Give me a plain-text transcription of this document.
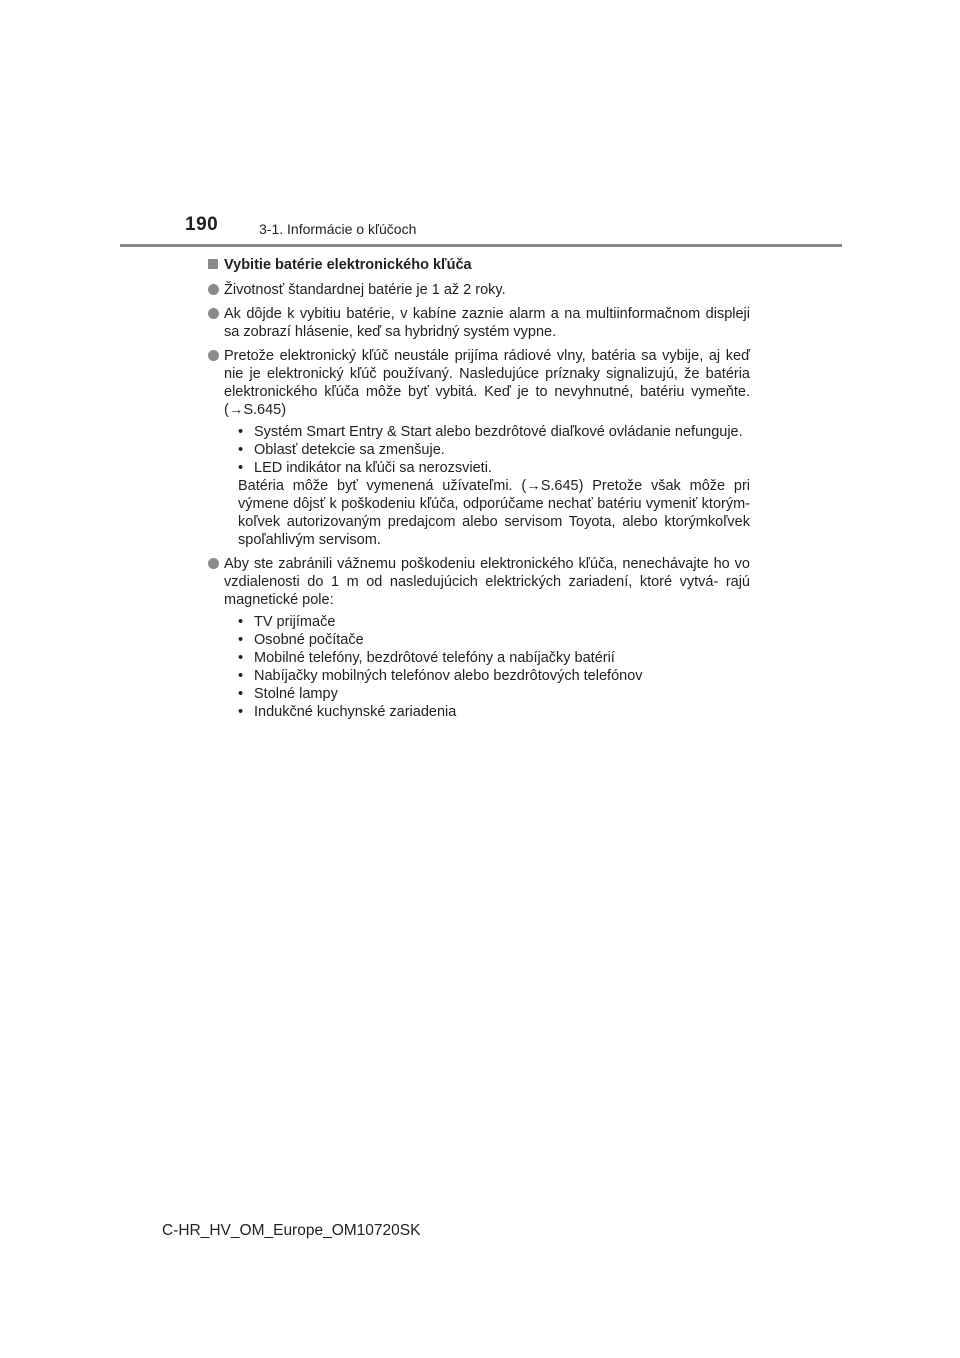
190	3-1. Informácie o kľúčoch
Vybitie batérie elektronického kľúča
Životnosť štandardnej batérie je 1 až 2 roky.
Ak dôjde k vybitiu batérie, v kabíne zaznie alarm a na multiinformačnom displeji sa zobrazí hlásenie, keď sa hybridný systém vypne.
Pretože elektronický kľúč neustále prijíma rádiové vlny, batéria sa vybije, aj keď nie je elektronický kľúč používaný. Nasledujúce príznaky signalizujú, že batéria elektronického kľúča môže byť vybitá. Keď je to nevyhnutné, batériu vymeňte. (→S.645)
• Systém Smart Entry & Start alebo bezdrôtové diaľkové ovládanie nefunguje.
• Oblasť detekcie sa zmenšuje.
• LED indikátor na kľúči sa nerozsvieti.
Batéria môže byť vymenená užívateľmi. (→S.645) Pretože však môže pri výmene dôjsť k poškodeniu kľúča, odporúčame nechať batériu vymeniť ktorým- koľvek autorizovaným predajcom alebo servisom Toyota, alebo ktorýmkoľvek spoľahlivým servisom.
Aby ste zabránili vážnemu poškodeniu elektronického kľúča, nenechávajte ho vo vzdialenosti do 1 m od nasledujúcich elektrických zariadení, ktoré vytvá- rajú magnetické pole:
• TV prijímače
• Osobné počítače
• Mobilné telefóny, bezdrôtové telefóny a nabíjačky batérií
• Nabíjačky mobilných telefónov alebo bezdrôtových telefónov
• Stolné lampy
• Indukčné kuchynské zariadenia
C-HR_HV_OM_Europe_OM10720SK
